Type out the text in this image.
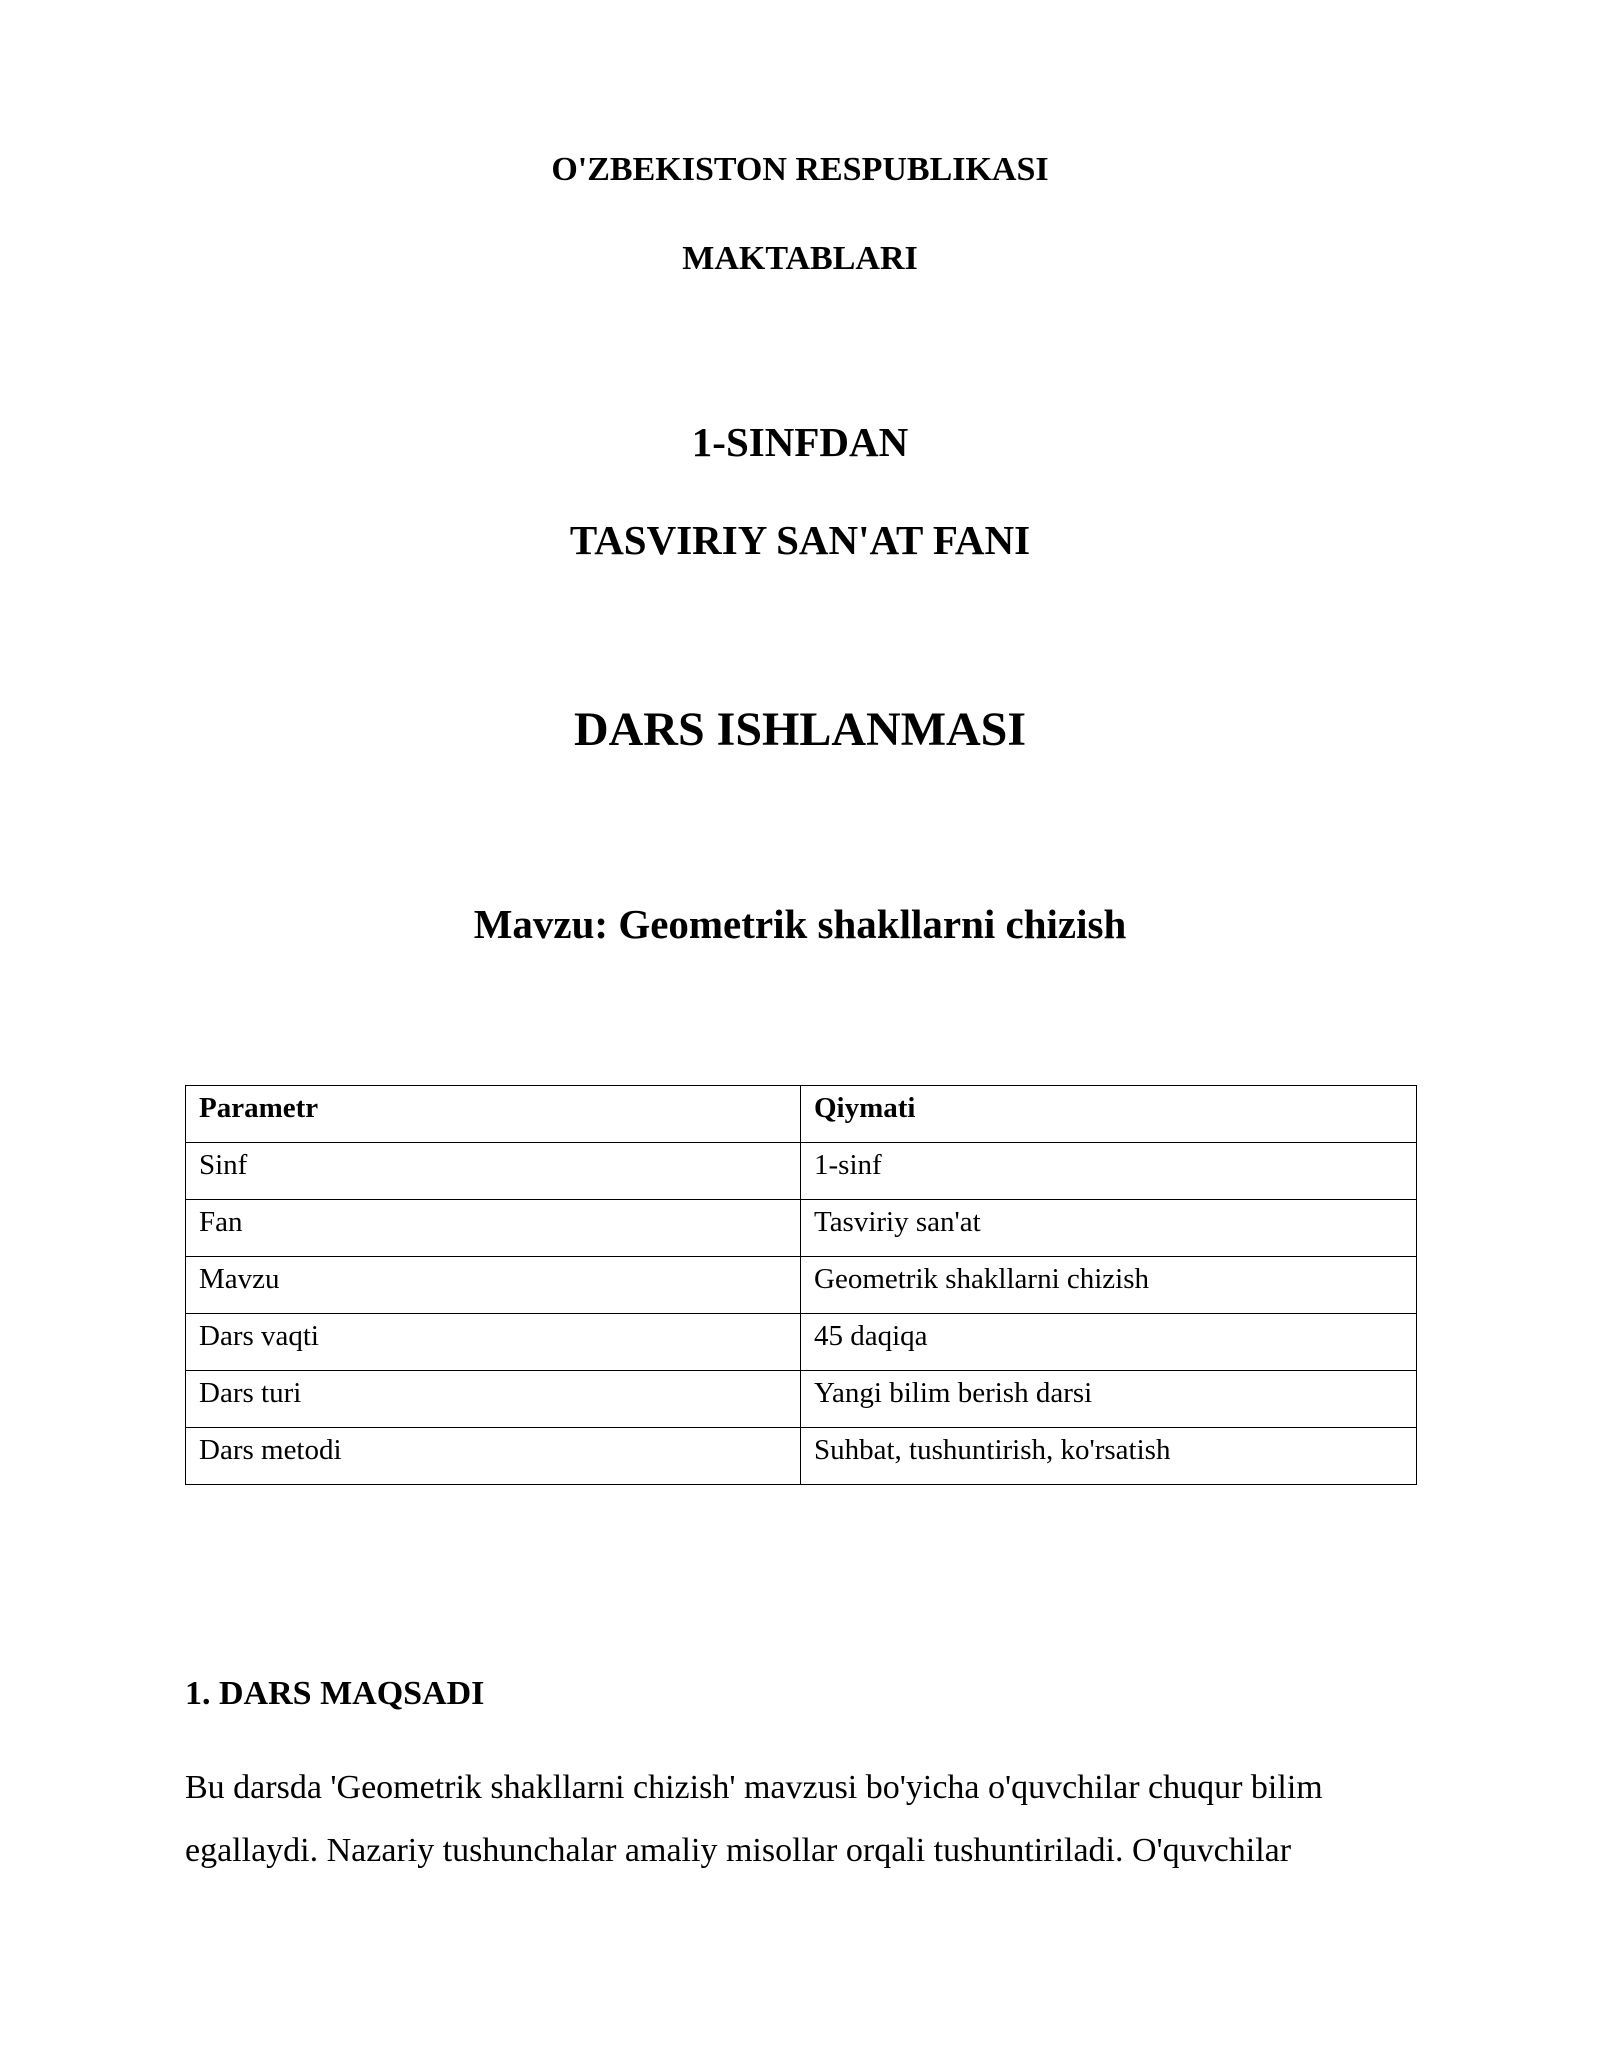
O'ZBEKISTON RESPUBLIKASI
MAKTABLARI
1-SINFDAN
TASVIRIY SAN'AT FANI
DARS ISHLANMASI
Mavzu: Geometrik shakllarni chizish
Parametr	Qiymati
Sinf	1-sinf
Fan	Tasviriy san'at
Mavzu	Geometrik shakllarni chizish
Dars vaqti	45 daqiqa
Dars turi	Yangi bilim berish darsi
Dars metodi	Suhbat, tushuntirish, ko'rsatish
1. DARS MAQSADI
Bu darsda 'Geometrik shakllarni chizish' mavzusi bo'yicha o'quvchilar chuqur bilim
egallaydi. Nazariy tushunchalar amaliy misollar orqali tushuntiriladi. O'quvchilar
